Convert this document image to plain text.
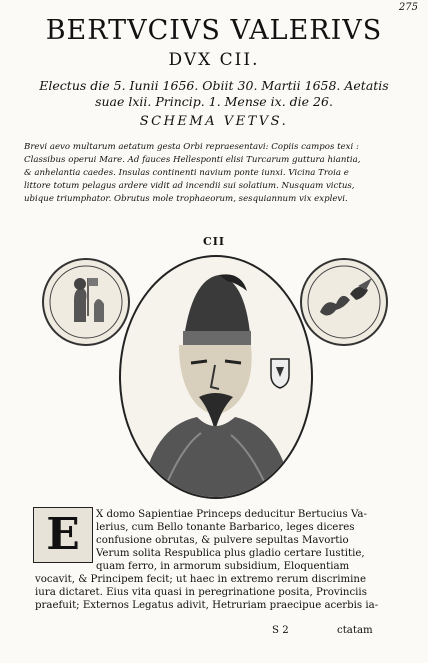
275
BERTVCIVS VALERIVS
DVX CII.
Electus die 5. Iunii 1656. Obiit 30. Martii 1658. Aetatis
suae lxii. Princip. 1. Mense ix. die 26.
SCHEMA VETVS.
Brevi aevo multarum aetatum gesta Orbi repraesentavi: Copiis campos texi :
Classibus operui Mare. Ad fauces Hellesponti elisi Turcarum guttura hiantia,
& anhelantia caedes. Insulas continenti navium ponte iunxi. Vicina Troia e
littore totum pelagus ardere vidit ad incendii sui solatium. Nusquam victus,
ubique triumphator. Obrutus mole trophaeorum, sesquiannum vix explevi.
CII
E	X domo Sapientiae Princeps deducitur Bertucius Va-
lerius, cum Bello tonante Barbarico, leges diceres
confusione obrutas, & pulvere sepultas Mavortio
Verum solita Respublica plus gladio certare Iustitie,
quam ferro, in armorum subsidium, Eloquentiam
vocavit, & Principem fecit; ut haec in extremo rerum discrimine
iura dictaret. Eius vita quasi in peregrinatione posita, Provinciis
praefuit; Externos Legatus adivit, Hetruriam praecipue acerbis ia-
S 2	ctatam
